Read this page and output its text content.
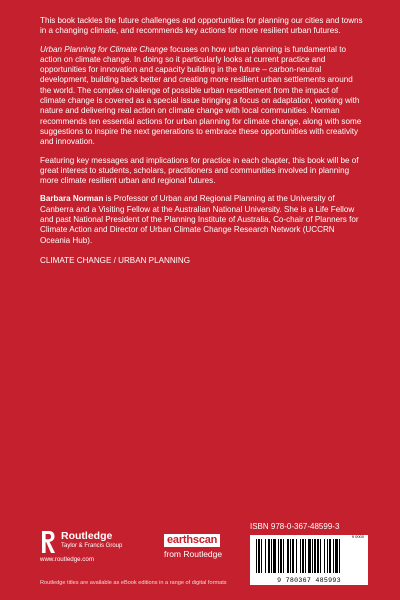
This book tackles the future challenges and opportunities for planning our cities and towns in a changing climate, and recommends key actions for more resilient urban futures.

Urban Planning for Climate Change focuses on how urban planning is fundamental to action on climate change. In doing so it particularly looks at current practice and opportunities for innovation and capacity building in the future – carbon-neutral development, building back better and creating more resilient urban settlements around the world. The complex challenge of possible urban resettlement from the impact of climate change is covered as a special issue bringing a focus on adaptation, working with nature and delivering real action on climate change with local communities. Norman recommends ten essential actions for urban planning for climate change, along with some suggestions to inspire the next generations to embrace these opportunities with creativity and innovation.

Featuring key messages and implications for practice in each chapter, this book will be of great interest to students, scholars, practitioners and communities involved in planning more climate resilient urban and regional futures.

Barbara Norman is Professor of Urban and Regional Planning at the University of Canberra and a Visiting Fellow at the Australian National University. She is a Life Fellow and past National President of the Planning Institute of Australia, Co-chair of Planners for Climate Action and Director of Urban Climate Change Research Network (UCCRN Oceania Hub).

CLIMATE CHANGE / URBAN PLANNING

Routledge
Taylor & Francis Group
www.routledge.com
earthscan
from Routledge
ISBN 978-0-367-48599-3
9 0000
9 780367 485993
Routledge titles are available as eBook editions in a range of digital formats
